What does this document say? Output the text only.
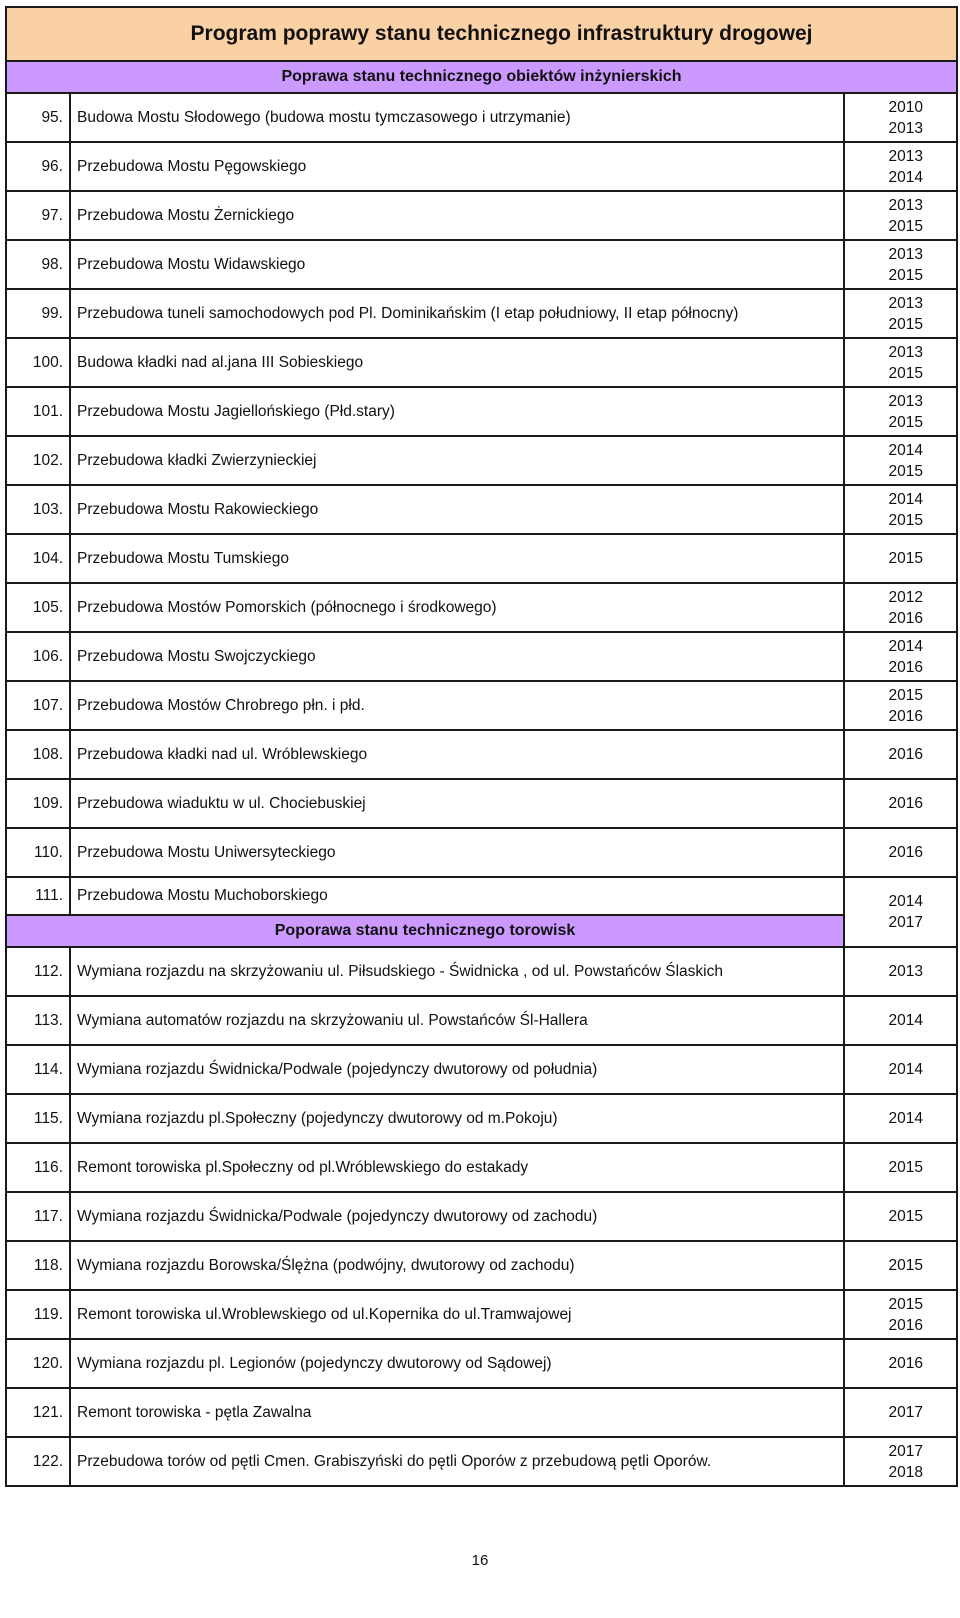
Program poprawy stanu technicznego infrastruktury drogowej		
Poprawa stanu technicznego obiektów inżynierskich		
95.	Budowa Mostu Słodowego (budowa mostu tymczasowego i utrzymanie)	2010
2013

96.	Przebudowa Mostu Pęgowskiego	2013
2014

97.	Przebudowa Mostu Żernickiego	2013
2015

98.	Przebudowa Mostu Widawskiego	2013
2015

99.	Przebudowa tuneli samochodowych pod Pl. Dominikańskim (I etap południowy, II etap północny)	2013
2015

100.	Budowa kładki nad al.jana III Sobieskiego	2013
2015

101.	Przebudowa Mostu Jagiellońskiego (Płd.stary)	2013
2015

102.	Przebudowa kładki Zwierzynieckiej	2014
2015

103.	Przebudowa Mostu Rakowieckiego	2014
2015

104.	Przebudowa Mostu Tumskiego	2015

105.	Przebudowa Mostów Pomorskich (północnego i środkowego)	2012
2016

106.	Przebudowa Mostu Swojczyckiego	2014
2016

107.	Przebudowa Mostów Chrobrego płn. i płd.	2015
2016

108.	Przebudowa kładki nad ul. Wróblewskiego	2016

109.	Przebudowa wiaduktu w ul. Chociebuskiej	2016

110.	Przebudowa Mostu Uniwersyteckiego	2016

111.	Przebudowa Mostu Muchoborskiego	2014
2017

Poporawa stanu technicznego torowisk		
112.	Wymiana rozjazdu na skrzyżowaniu ul. Piłsudskiego - Świdnicka , od ul. Powstańców Ślaskich	2013

113.	Wymiana automatów rozjazdu na skrzyżowaniu ul. Powstańców Śl-Hallera	2014

114.	Wymiana rozjazdu Świdnicka/Podwale (pojedynczy dwutorowy od południa)	2014

115.	Wymiana rozjazdu pl.Społeczny (pojedynczy dwutorowy od m.Pokoju)	2014

116.	Remont torowiska pl.Społeczny od pl.Wróblewskiego do estakady	2015

117.	Wymiana rozjazdu Świdnicka/Podwale (pojedynczy dwutorowy od zachodu)	2015

118.	Wymiana rozjazdu Borowska/Ślężna (podwójny, dwutorowy od zachodu)	2015

119.	Remont torowiska ul.Wroblewskiego od ul.Kopernika do ul.Tramwajowej	2015
2016

120.	Wymiana rozjazdu pl. Legionów (pojedynczy dwutorowy od Sądowej)	2016

121.	Remont torowiska - pętla Zawalna	2017

122.	Przebudowa torów od pętli Cmen. Grabiszyński do pętli Oporów z przebudową pętli Oporów.	2017
2018
16
